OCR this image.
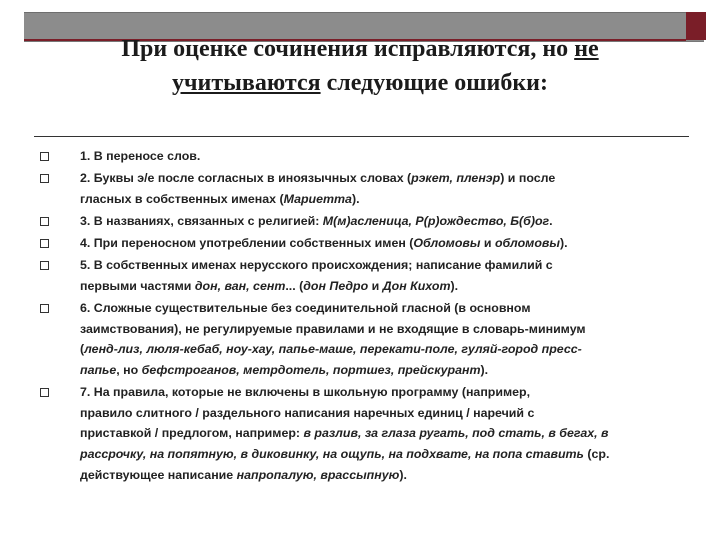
При оценке сочинения исправляются, но не
учитываются следующие ошибки:
1. В переносе слов.
2. Буквы э/е после согласных в иноязычных словах (рэкет, пленэр) и после
гласных в собственных именах (Мариетта).
3. В названиях, связанных с религией: М(м)асленица, Р(р)ождество, Б(б)ог.
4. При переносном употреблении собственных имен (Обломовы и обломовы).
5. В собственных именах нерусского происхождения; написание фамилий с
первыми частями дон, ван, сент... (дон Педро и Дон Кихот).
6. Сложные существительные без соединительной гласной (в основном
заимствования), не регулируемые правилами и не входящие в словарь-минимум
(ленд-лиз, люля-кебаб, ноу-хау, папье-маше, перекати-поле, гуляй-город пресс-
папье, но бефстроганов, метрдотель, портшез, прейскурант).
7. На правила, которые не включены в школьную программу (например,
правило слитного / раздельного написания наречных единиц / наречий с
приставкой / предлогом, например: в разлив, за глаза ругать, под стать, в бегах, в
рассрочку, на попятную, в диковинку, на ощупь, на подхвате, на попа ставить (ср.
действующее написание напропалую, врассыпную).
